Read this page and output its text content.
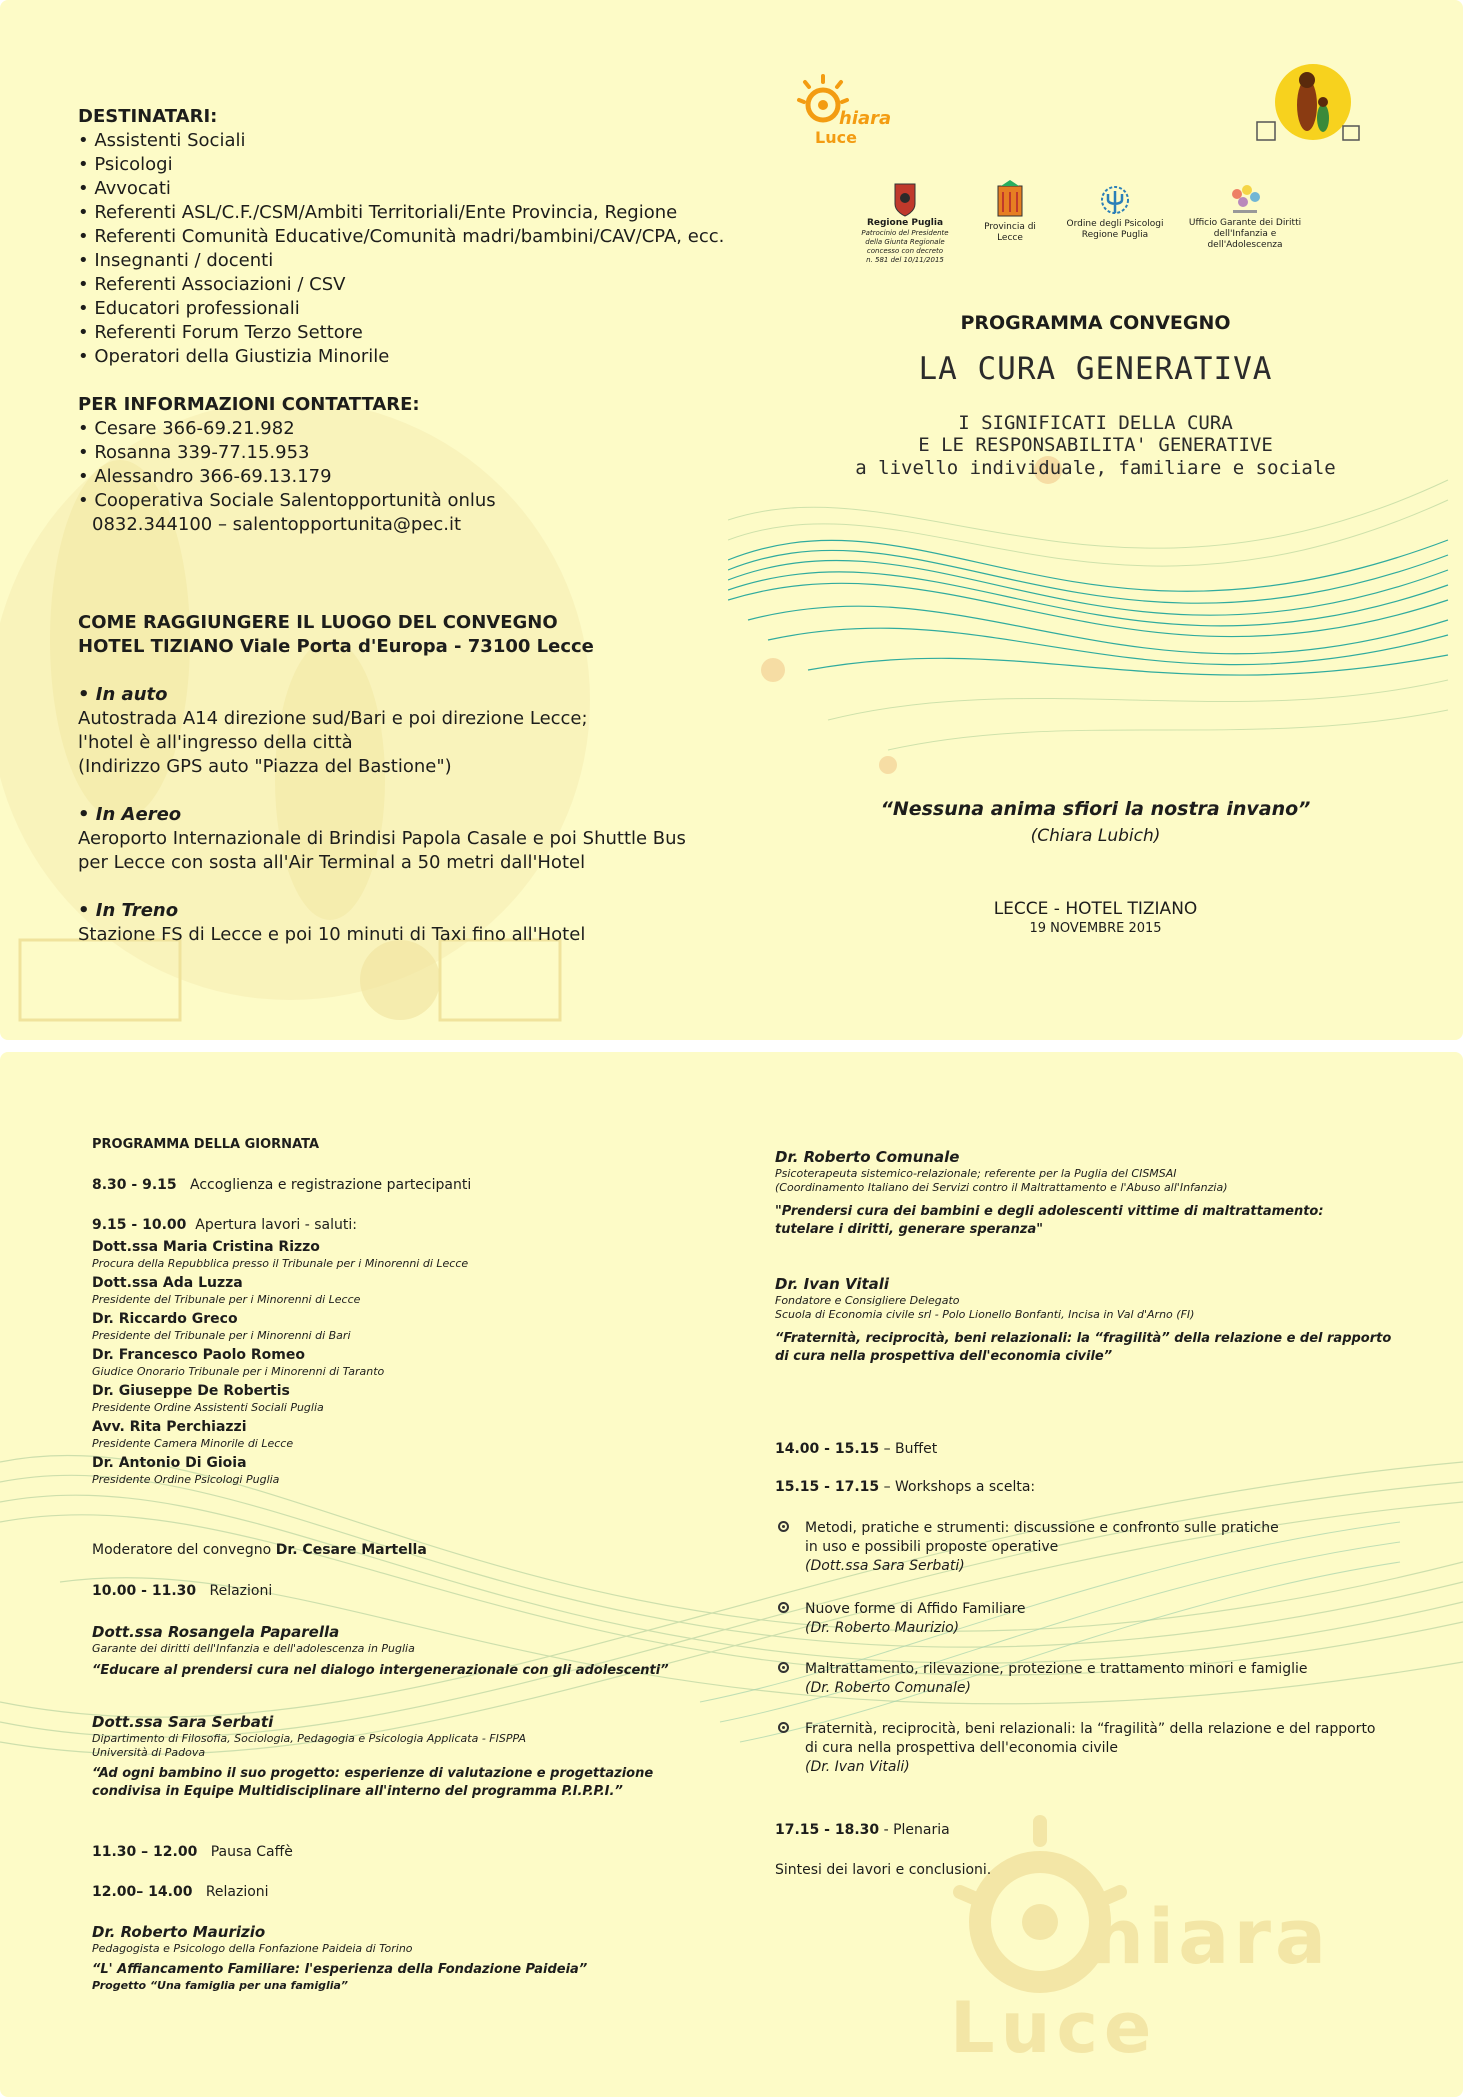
DESTINATARI:
• Assistenti Sociali
• Psicologi
• Avvocati
• Referenti ASL/C.F./CSM/Ambiti Territoriali/Ente Provincia, Regione
• Referenti Comunità Educative/Comunità madri/bambini/CAV/CPA, ecc.
• Insegnanti / docenti
• Referenti Associazioni / CSV
• Educatori professionali
• Referenti Forum Terzo Settore
• Operatori della Giustizia Minorile
PER INFORMAZIONI CONTATTARE:
• Cesare 366-69.21.982
• Rosanna 339-77.15.953
• Alessandro 366-69.13.179
• Cooperativa Sociale Salentopportunità onlus
0832.344100 – salentopportunita@pec.it
COME RAGGIUNGERE IL LUOGO DEL CONVEGNO
HOTEL TIZIANO Viale Porta d'Europa - 73100 Lecce
• In auto
Autostrada A14 direzione sud/Bari e poi direzione Lecce;
l'hotel è all'ingresso della città
(Indirizzo GPS auto "Piazza del Bastione")
• In Aereo
Aeroporto Internazionale di Brindisi Papola Casale e poi Shuttle Bus
per Lecce con sosta all'Air Terminal a 50 metri dall'Hotel
• In Treno
Stazione FS di Lecce e poi 10 minuti di Taxi fino all'Hotel
hiara
Luce
Regione Puglia
Patrocinio del Presidente
della Giunta Regionale
concesso con decreto
n. 581 del 10/11/2015
Provincia di Lecce
Ordine degli Psicologi
Regione Puglia
Ufficio Garante dei Diritti
dell'Infanzia e dell'Adolescenza
PROGRAMMA CONVEGNO
LA CURA GENERATIVA
I SIGNIFICATI DELLA CURA
E LE RESPONSABILITA' GENERATIVE
a livello individuale, familiare e sociale
“Nessuna anima sfiori la nostra invano”
(Chiara Lubich)
LECCE - HOTEL TIZIANO
19 NOVEMBRE 2015
hiara
Luce
PROGRAMMA DELLA GIORNATA
8.30 - 9.15 Accoglienza e registrazione partecipanti
9.15 - 10.00 Apertura lavori - saluti:
Dott.ssa Maria Cristina Rizzo
Procura della Repubblica presso il Tribunale per i Minorenni di Lecce
Dott.ssa Ada Luzza
Presidente del Tribunale per i Minorenni di Lecce
Dr. Riccardo Greco
Presidente del Tribunale per i Minorenni di Bari
Dr. Francesco Paolo Romeo
Giudice Onorario Tribunale per i Minorenni di Taranto
Dr. Giuseppe De Robertis
Presidente Ordine Assistenti Sociali Puglia
Avv. Rita Perchiazzi
Presidente Camera Minorile di Lecce
Dr. Antonio Di Gioia
Presidente Ordine Psicologi Puglia
Moderatore del convegno Dr. Cesare Martella
10.00 - 11.30 Relazioni
Dott.ssa Rosangela Paparella
Garante dei diritti dell'Infanzia e dell'adolescenza in Puglia
“Educare al prendersi cura nel dialogo intergenerazionale con gli adolescenti”
Dott.ssa Sara Serbati
Dipartimento di Filosofia, Sociologia, Pedagogia e Psicologia Applicata - FISPPA
Università di Padova
“Ad ogni bambino il suo progetto: esperienze di valutazione e progettazione
condivisa in Equipe Multidisciplinare all'interno del programma P.I.P.P.I.”
11.30 – 12.00 Pausa Caffè
12.00– 14.00 Relazioni
Dr. Roberto Maurizio
Pedagogista e Psicologo della Fonfazione Paideia di Torino
“L' Affiancamento Familiare: l'esperienza della Fondazione Paideia”
Progetto “Una famiglia per una famiglia”
Dr. Roberto Comunale
Psicoterapeuta sistemico-relazionale; referente per la Puglia del CISMSAI
(Coordinamento Italiano dei Servizi contro il Maltrattamento e l'Abuso all'Infanzia)
"Prendersi cura dei bambini e degli adolescenti vittime di maltrattamento:
tutelare i diritti, generare speranza"
Dr. Ivan Vitali
Fondatore e Consigliere Delegato
Scuola di Economia civile srl - Polo Lionello Bonfanti, Incisa in Val d'Arno (FI)
“Fraternità, reciprocità, beni relazionali: la “fragilità” della relazione e del rapporto
di cura nella prospettiva dell'economia civile”
14.00 - 15.15 – Buffet
15.15 - 17.15 – Workshops a scelta:
Metodi, pratiche e strumenti: discussione e confronto sulle pratiche
in uso e possibili proposte operative
(Dott.ssa Sara Serbati)
Nuove forme di Affido Familiare
(Dr. Roberto Maurizio)
Maltrattamento, rilevazione, protezione e trattamento minori e famiglie
(Dr. Roberto Comunale)
Fraternità, reciprocità, beni relazionali: la “fragilità” della relazione e del rapporto
di cura nella prospettiva dell'economia civile
(Dr. Ivan Vitali)
17.15 - 18.30 - Plenaria
Sintesi dei lavori e conclusioni.
